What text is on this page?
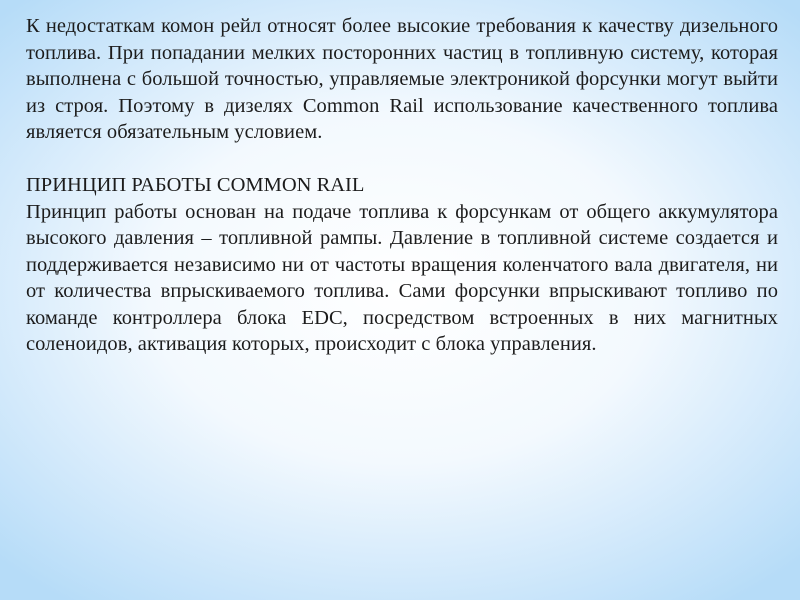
К недостаткам комон рейл относят более высокие требования к качеству дизельного топлива. При попадании мелких посторонних частиц в топливную систему, которая выполнена с большой точностью, управляемые электроникой форсунки могут выйти из строя. Поэтому в дизелях Common Rail использование качественного топлива является обязательным условием.

ПРИНЦИП РАБОТЫ COMMON RAIL

Принцип работы основан на подаче топлива к форсункам от общего аккумулятора высокого давления – топливной рампы. Давление в топливной системе создается и поддерживается независимо ни от частоты вращения коленчатого вала двигателя, ни от количества впрыскиваемого топлива. Сами форсунки впрыскивают топливо по команде контроллера блока EDC, посредством встроенных в них магнитных соленоидов, активация которых, происходит с блока управления.
